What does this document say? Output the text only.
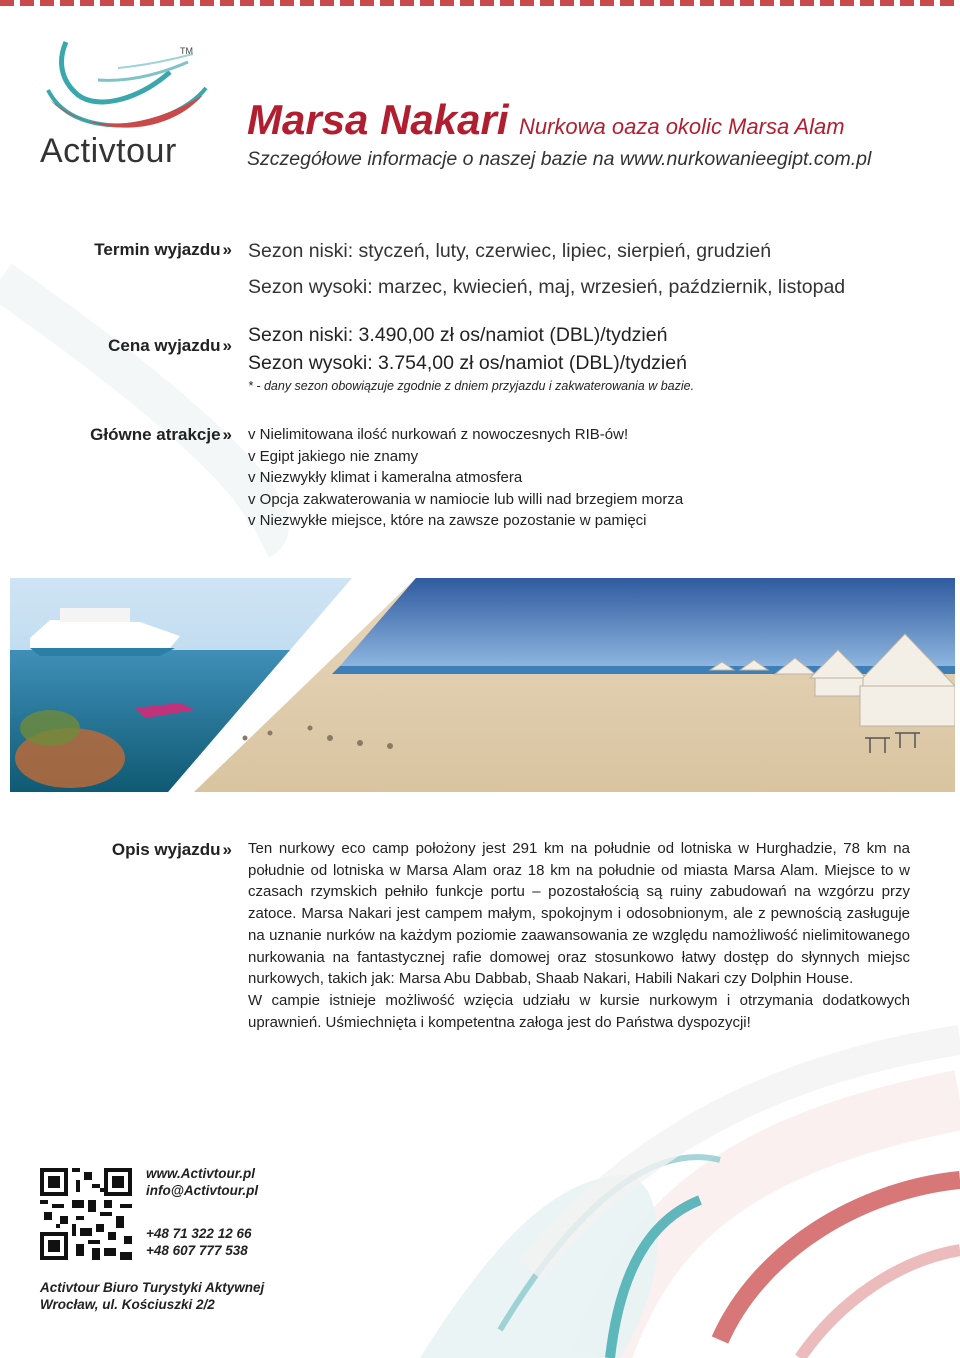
TM
Activtour
Marsa Nakari Nurkowa oaza okolic Marsa Alam
Szczegółowe informacje o naszej bazie na www.nurkowanieegipt.com.pl
Termin wyjazdu » Sezon niski: styczeń, luty, czerwiec, lipiec, sierpień, grudzień
Sezon wysoki: marzec, kwiecień, maj, wrzesień, październik, listopad
Cena wyjazdu » Sezon niski: 3.490,00 zł os/namiot (DBL)/tydzień
Sezon wysoki: 3.754,00 zł os/namiot (DBL)/tydzień
* - dany sezon obowiązuje zgodnie z dniem przyjazdu i zakwaterowania w bazie.
Główne atrakcje » v Nielimitowana ilość nurkowań z nowoczesnych RIB-ów!
v Egipt jakiego nie znamy
v Niezwykły klimat i kameralna atmosfera
v Opcja zakwaterowania w namiocie lub willi nad brzegiem morza
v Niezwykłe miejsce, które na zawsze pozostanie w pamięci
Opis wyjazdu » Ten nurkowy eco camp położony jest 291 km na południe od lotniska w Hurghadzie, 78 km na południe od lotniska w Marsa Alam oraz 18 km na południe od miasta Marsa Alam. Miejsce to w czasach rzymskich pełniło funkcje portu – pozostałością są ruiny zabudowań na wzgórzu przy zatoce. Marsa Nakari jest campem małym, spokojnym i odosobnionym, ale z pewnością zasługuje na uznanie nurków na każdym poziomie zaawansowania ze względu namożliwość nielimitowanego nurkowania na fantastycznej rafie domowej oraz stosunkowo łatwy dostęp do słynnych miejsc nurkowych, takich jak: Marsa Abu Dabbab, Shaab Nakari, Habili Nakari czy Dolphin House.

W campie istnieje możliwość wzięcia udziału w kursie nurkowym i otrzymania dodatkowych uprawnień. Uśmiechnięta i kompetentna załoga jest do Państwa dyspozycji!

www.Activtour.pl
info@Activtour.pl
+48 71 322 12 66
+48 607 777 538
Activtour Biuro Turystyki Aktywnej
Wrocław, ul. Kościuszki 2/2
